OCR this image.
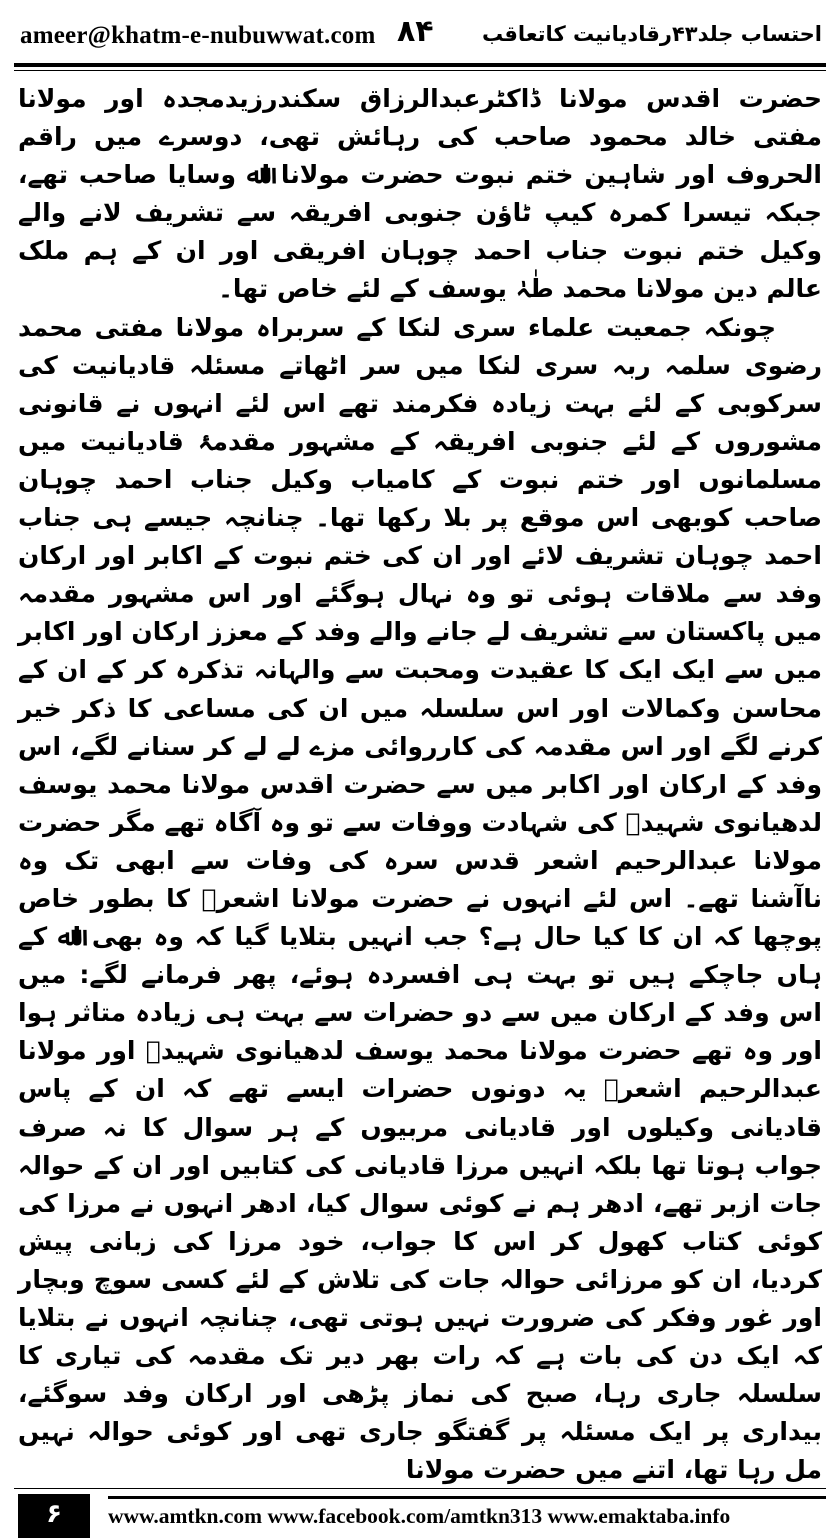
ameer@khatm-e-nubuwwat.com ۸۴ احتساب جلد۴۳رقادیانیت کاتعاقب

حضرت اقدس مولانا ڈاکٹرعبدالرزاق سکندرزیدمجدہ اور مولانا مفتی خالد محمود صاحب کی رہائش تھی، دوسرے میں راقم الحروف اور شاہین ختم نبوت حضرت مولانا اﷲ وسایا صاحب تھے، جبکہ تیسرا کمرہ کیپ ٹاؤن جنوبی افریقہ سے تشریف لانے والے وکیل ختم نبوت جناب احمد چوہان افریقی اور ان کے ہم ملک عالم دین مولانا محمد طٰہٰ یوسف کے لئے خاص تھا۔

چونکہ جمعیت علماء سری لنکا کے سربراہ مولانا مفتی محمد رضوی سلمہ ربہ سری لنکا میں سر اٹھاتے مسئلہ قادیانیت کی سرکوبی کے لئے بہت زیادہ فکرمند تھے اس لئے انہوں نے قانونی مشوروں کے لئے جنوبی افریقہ کے مشہور مقدمۂ قادیانیت میں مسلمانوں اور ختم نبوت کے کامیاب وکیل جناب احمد چوہان صاحب کوبھی اس موقع پر بلا رکھا تھا۔ چنانچہ جیسے ہی جناب احمد چوہان تشریف لائے اور ان کی ختم نبوت کے اکابر اور ارکان وفد سے ملاقات ہوئی تو وہ نہال ہوگئے اور اس مشہور مقدمہ میں پاکستان سے تشریف لے جانے والے وفد کے معزز ارکان اور اکابر میں سے ایک ایک کا عقیدت ومحبت سے والہانہ تذکرہ کر کے ان کے محاسن وکمالات اور اس سلسلہ میں ان کی مساعی کا ذکر خیر کرنے لگے اور اس مقدمہ کی کارروائی مزے لے لے کر سنانے لگے، اس وفد کے ارکان اور اکابر میں سے حضرت اقدس مولانا محمد یوسف لدھیانوی شہیدؒ کی شہادت ووفات سے تو وہ آگاہ تھے مگر حضرت مولانا عبدالرحیم اشعر قدس سرہ کی وفات سے ابھی تک وہ ناآشنا تھے۔ اس لئے انہوں نے حضرت مولانا اشعرؒ کا بطور خاص پوچھا کہ ان کا کیا حال ہے؟ جب انہیں بتلایا گیا کہ وہ بھی اﷲ کے ہاں جاچکے ہیں تو بہت ہی افسردہ ہوئے، پھر فرمانے لگے: میں اس وفد کے ارکان میں سے دو حضرات سے بہت ہی زیادہ متاثر ہوا اور وہ تھے حضرت مولانا محمد یوسف لدھیانوی شہیدؒ اور مولانا عبدالرحیم اشعرؒ یہ دونوں حضرات ایسے تھے کہ ان کے پاس قادیانی وکیلوں اور قادیانی مربیوں کے ہر سوال کا نہ صرف جواب ہوتا تھا بلکہ انہیں مرزا قادیانی کی کتابیں اور ان کے حوالہ جات ازبر تھے، ادھر ہم نے کوئی سوال کیا، ادھر انہوں نے مرزا کی کوئی کتاب کھول کر اس کا جواب، خود مرزا کی زبانی پیش کردیا، ان کو مرزائی حوالہ جات کی تلاش کے لئے کسی سوچ وبچار اور غور وفکر کی ضرورت نہیں ہوتی تھی، چنانچہ انہوں نے بتلایا کہ ایک دن کی بات ہے کہ رات بھر دیر تک مقدمہ کی تیاری کا سلسلہ جاری رہا، صبح کی نماز پڑھی اور ارکان وفد سوگئے، بیداری پر ایک مسئلہ پر گفتگو جاری تھی اور کوئی حوالہ نہیں مل رہا تھا، اتنے میں حضرت مولانا

۶	www.amtkn.com www.facebook.com/amtkn313 www.emaktaba.info
